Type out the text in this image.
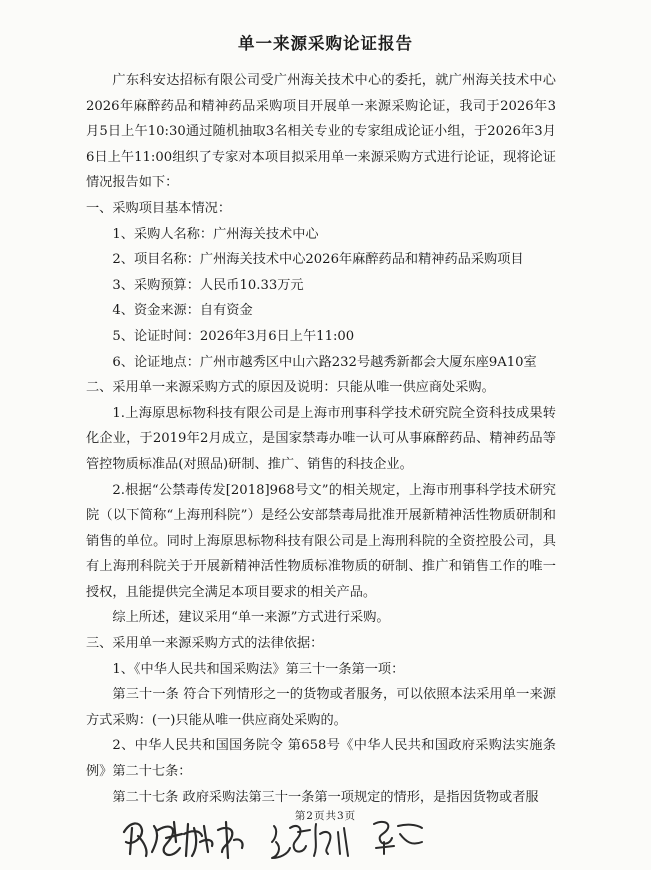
单一来源采购论证报告

广东科安达招标有限公司受广州海关技术中心的委托，就广州海关技术中心2026年麻醉药品和精神药品采购项目开展单一来源采购论证，我司于2026年3月5日上午10:30通过随机抽取3名相关专业的专家组成论证小组，于2026年3月6日上午11:00组织了专家对本项目拟采用单一来源采购方式进行论证，现将论证情况报告如下：

一、采购项目基本情况：

1、采购人名称：广州海关技术中心

2、项目名称：广州海关技术中心2026年麻醉药品和精神药品采购项目

3、采购预算：人民币10.33万元

4、资金来源：自有资金

5、论证时间：2026年3月6日上午11:00

6、论证地点：广州市越秀区中山六路232号越秀新都会大厦东座9A10室

二、采用单一来源采购方式的原因及说明：只能从唯一供应商处采购。

1.上海原思标物科技有限公司是上海市刑事科学技术研究院全资科技成果转化企业，于2019年2月成立，是国家禁毒办唯一认可从事麻醉药品、精神药品等管控物质标准品(对照品)研制、推广、销售的科技企业。

2.根据“公禁毒传发[2018]968号文”的相关规定，上海市刑事科学技术研究院（以下简称“上海刑科院”）是经公安部禁毒局批准开展新精神活性物质研制和销售的单位。同时上海原思标物科技有限公司是上海刑科院的全资控股公司，具有上海刑科院关于开展新精神活性物质标准物质的研制、推广和销售工作的唯一授权，且能提供完全满足本项目要求的相关产品。

综上所述，建议采用“单一来源”方式进行采购。

三、采用单一来源采购方式的法律依据：

1、《中华人民共和国采购法》第三十一条第一项：

第三十一条 符合下列情形之一的货物或者服务，可以依照本法采用单一来源方式采购：(一)只能从唯一供应商处采购的。

2、中华人民共和国国务院令 第658号《中华人民共和国政府采购法实施条例》第二十七条：

第二十七条 政府采购法第三十一条第一项规定的情形，是指因货物或者服

第2页共3页
